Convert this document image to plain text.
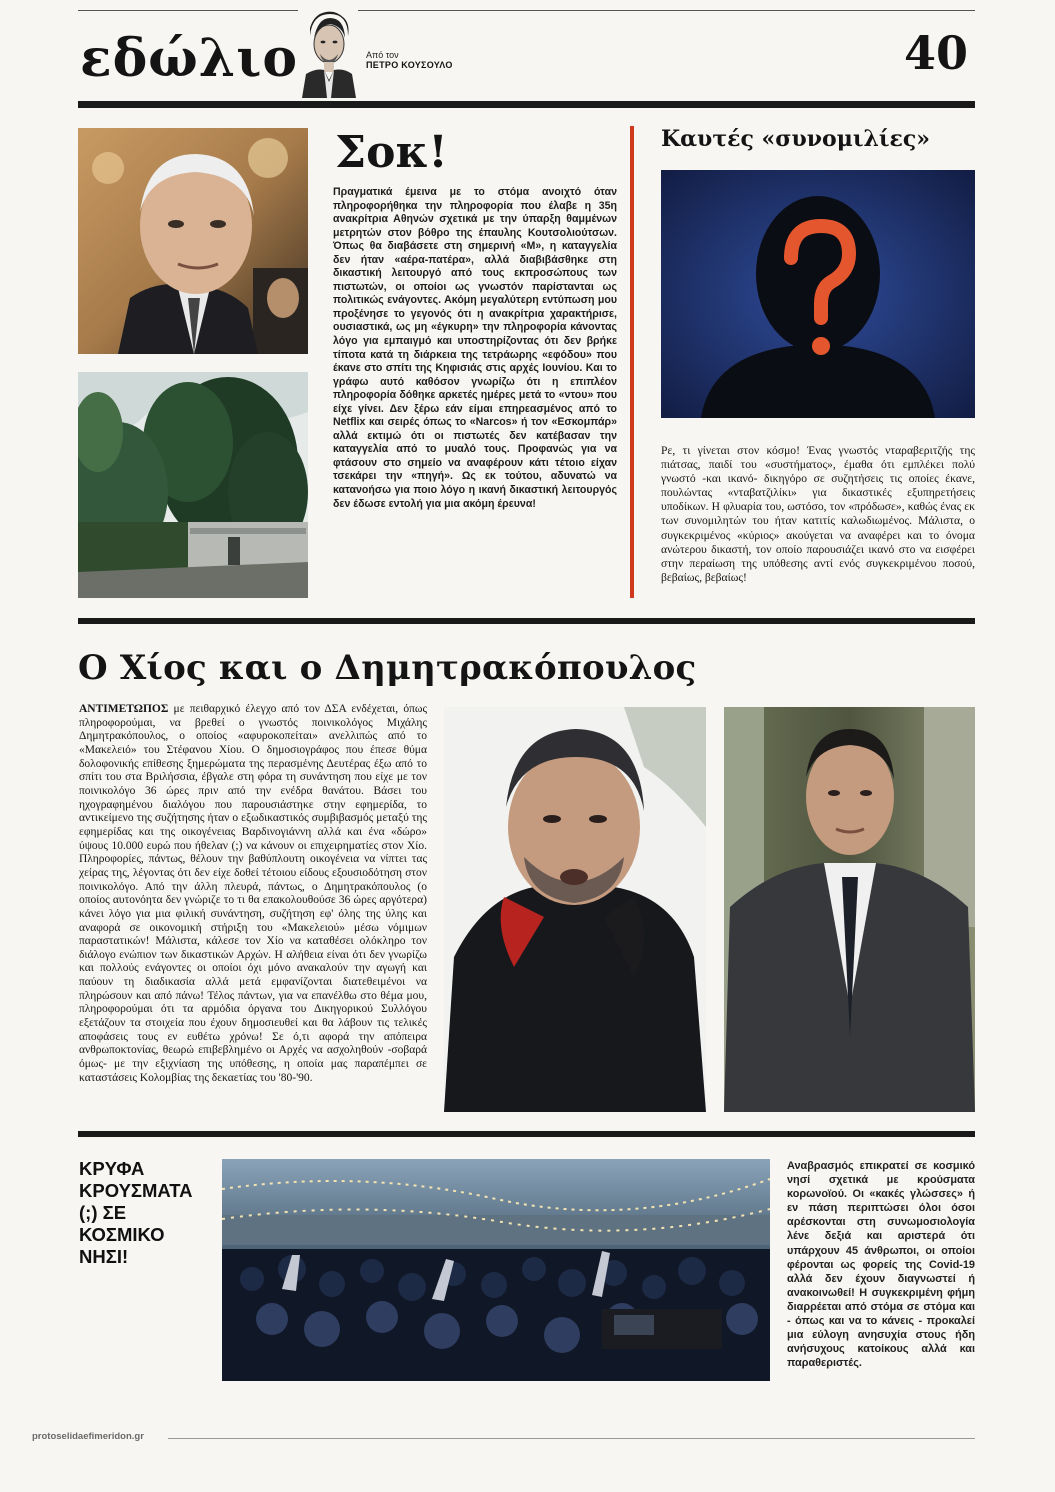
εδώλιο	Από τον
ΠΕΤΡΟ ΚΟΥΣΟΥΛΟ	40
Σοκ!
Πραγματικά έμεινα με το στόμα ανοιχτό όταν πληροφορήθηκα την πληροφορία που έλαβε η 35η ανακρίτρια Αθηνών σχετικά με την ύπαρξη θαμμένων μετρητών στον βόθρο της έπαυλης Κουτσολιούτσων. Όπως θα διαβάσετε στη σημερινή «Μ», η καταγγελία δεν ήταν «αέρα-πατέρα», αλλά διαβιβάσθηκε στη δικαστική λειτουργό από τους εκπροσώπους των πιστωτών, οι οποίοι ως γνωστόν παρίστανται ως πολιτικώς ενάγοντες. Ακόμη μεγαλύτερη εντύπωση μου προξένησε το γεγονός ότι η ανακρίτρια χαρακτήρισε, ουσιαστικά, ως μη «έγκυρη» την πληροφορία κάνοντας λόγο για εμπαιγμό και υποστηρίζοντας ότι δεν βρήκε τίποτα κατά τη διάρκεια της τετράωρης «εφόδου» που έκανε στο σπίτι της Κηφισιάς στις αρχές Ιουνίου. Και το γράφω αυτό καθόσον γνωρίζω ότι η επιπλέον πληροφορία δόθηκε αρκετές ημέρες μετά το «ντου» που είχε γίνει. Δεν ξέρω εάν είμαι επηρεασμένος από το Netflix και σειρές όπως το «Narcos» ή τον «Εσκομπάρ» αλλά εκτιμώ ότι οι πιστωτές δεν κατέβασαν την καταγγελία από το μυαλό τους. Προφανώς για να φτάσουν στο σημείο να αναφέρουν κάτι τέτοιο είχαν τσεκάρει την «πηγή». Ως εκ τούτου, αδυνατώ να κατανοήσω για ποιο λόγο η ικανή δικαστική λειτουργός δεν έδωσε εντολή για μια ακόμη έρευνα!
Καυτές «συνομιλίες»
Ρε, τι γίνεται στον κόσμο! Ένας γνωστός νταραβεριτζής της πιάτσας, παιδί του «συστήματος», έμαθα ότι εμπλέκει πολύ γνωστό -και ικανό- δικηγόρο σε συζητήσεις τις οποίες έκανε, πουλώντας «νταβατζιλίκι» για δικαστικές εξυπηρετήσεις υποδίκων. Η φλυαρία του, ωστόσο, τον «πρόδωσε», καθώς ένας εκ των συνομιλητών του ήταν κατιτίς καλωδιωμένος. Μάλιστα, ο συγκεκριμένος «κύριος» ακούγεται να αναφέρει και το όνομα ανώτερου δικαστή, τον οποίο παρουσιάζει ικανό στο να εισφέρει στην περαίωση της υπόθεσης αντί ενός συγκεκριμένου ποσού, βεβαίως, βεβαίως!
Ο Χίος και ο Δημητρακόπουλος
ΑΝΤΙΜΕΤΩΠΟΣ με πειθαρχικό έλεγχο από τον ΔΣΑ ενδέχεται, όπως πληροφορούμαι, να βρεθεί ο γνωστός ποινικολόγος Μιχάλης Δημητρακόπουλος, ο οποίος «αφυροκοπείται» ανελλιπώς από το «Μακελειό» του Στέφανου Χίου. Ο δημοσιογράφος που έπεσε θύμα δολοφονικής επίθεσης ξημερώματα της περασμένης Δευτέρας έξω από το σπίτι του στα Βριλήσσια, έβγαλε στη φόρα τη συνάντηση που είχε με τον ποινικολόγο 36 ώρες πριν από την ενέδρα θανάτου. Βάσει του ηχογραφημένου διαλόγου που παρουσιάστηκε στην εφημερίδα, το αντικείμενο της συζήτησης ήταν ο εξωδικαστικός συμβιβασμός μεταξύ της εφημερίδας και της οικογένειας Βαρδινογιάννη αλλά και ένα «δώρο» ύψους 10.000 ευρώ που ήθελαν (;) να κάνουν οι επιχειρηματίες στον Χίο. Πληροφορίες, πάντως, θέλουν την βαθύπλουτη οικογένεια να νίπτει τας χείρας της, λέγοντας ότι δεν είχε δοθεί τέτοιου είδους εξουσιοδότηση στον ποινικολόγο. Από την άλλη πλευρά, πάντως, ο Δημητρακόπουλος (ο οποίος αυτονόητα δεν γνώριζε το τι θα επακολουθούσε 36 ώρες αργότερα) κάνει λόγο για μια φιλική συνάντηση, συζήτηση εφ' όλης της ύλης και αναφορά σε οικονομική στήριξη του «Μακελειού» μέσω νόμιμων παραστατικών! Μάλιστα, κάλεσε τον Χίο να καταθέσει ολόκληρο τον διάλογο ενώπιον των δικαστικών Αρχών. Η αλήθεια είναι ότι δεν γνωρίζω και πολλούς ενάγοντες οι οποίοι όχι μόνο ανακαλούν την αγωγή και παύουν τη διαδικασία αλλά μετά εμφανίζονται διατεθειμένοι να πληρώσουν και από πάνω! Τέλος πάντων, για να επανέλθω στο θέμα μου, πληροφορούμαι ότι τα αρμόδια όργανα του Δικηγορικού Συλλόγου εξετάζουν τα στοιχεία που έχουν δημοσιευθεί και θα λάβουν τις τελικές αποφάσεις τους εν ευθέτω χρόνω! Σε ό,τι αφορά την απόπειρα ανθρωποκτονίας, θεωρώ επιβεβλημένο οι Αρχές να ασχοληθούν -σοβαρά όμως- με την εξιχνίαση της υπόθεσης, η οποία μας παραπέμπει σε καταστάσεις Κολομβίας της δεκαετίας του '80-'90.
ΚΡΥΦΑ ΚΡΟΥΣΜΑΤΑ (;) ΣΕ ΚΟΣΜΙΚΟ ΝΗΣΙ!
Αναβρασμός επικρατεί σε κοσμικό νησί σχετικά με κρούσματα κορωνοϊού. Οι «κακές γλώσσες» ή εν πάση περιπτώσει όλοι όσοι αρέσκονται στη συνωμοσιολογία λένε δεξιά και αριστερά ότι υπάρχουν 45 άνθρωποι, οι οποίοι φέρονται ως φορείς της Covid-19 αλλά δεν έχουν διαγνωστεί ή ανακοινωθεί! Η συγκεκριμένη φήμη διαρρέεται από στόμα σε στόμα και - όπως και να το κάνεις - προκαλεί μια εύλογη ανησυχία στους ήδη ανήσυχους κατοίκους αλλά και παραθεριστές.
protoselidaefimeridon.gr
